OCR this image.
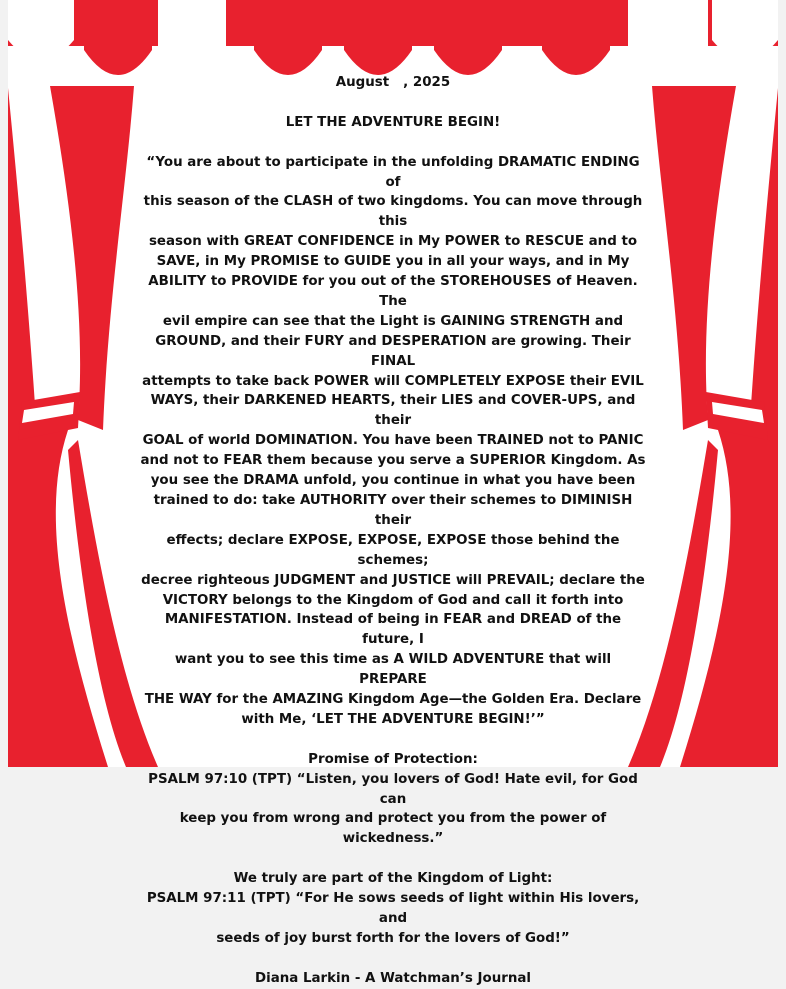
August 3, 2025
LET THE ADVENTURE BEGIN!
“You are about to participate in the unfolding DRAMATIC ENDING of
this season of the CLASH of two kingdoms. You can move through this
season with GREAT CONFIDENCE in My POWER to RESCUE and to
SAVE, in My PROMISE to GUIDE you in all your ways, and in My
ABILITY to PROVIDE for you out of the STOREHOUSES of Heaven. The
evil empire can see that the Light is GAINING STRENGTH and
GROUND, and their FURY and DESPERATION are growing. Their FINAL
attempts to take back POWER will COMPLETELY EXPOSE their EVIL
WAYS, their DARKENED HEARTS, their LIES and COVER-UPS, and their
GOAL of world DOMINATION. You have been TRAINED not to PANIC
and not to FEAR them because you serve a SUPERIOR Kingdom. As
you see the DRAMA unfold, you continue in what you have been
trained to do: take AUTHORITY over their schemes to DIMINISH their
effects; declare EXPOSE, EXPOSE, EXPOSE those behind the schemes;
decree righteous JUDGMENT and JUSTICE will PREVAIL; declare the
VICTORY belongs to the Kingdom of God and call it forth into
MANIFESTATION. Instead of being in FEAR and DREAD of the future, I
want you to see this time as A WILD ADVENTURE that will PREPARE
THE WAY for the AMAZING Kingdom Age—the Golden Era. Declare
with Me, ‘LET THE ADVENTURE BEGIN!’”
Promise of Protection:
PSALM 97:10 (TPT) “Listen, you lovers of God! Hate evil, for God can
keep you from wrong and protect you from the power of wickedness.”
We truly are part of the Kingdom of Light:
PSALM 97:11 (TPT) “For He sows seeds of light within His lovers, and
seeds of joy burst forth for the lovers of God!”
Diana Larkin - A Watchman’s Journal
